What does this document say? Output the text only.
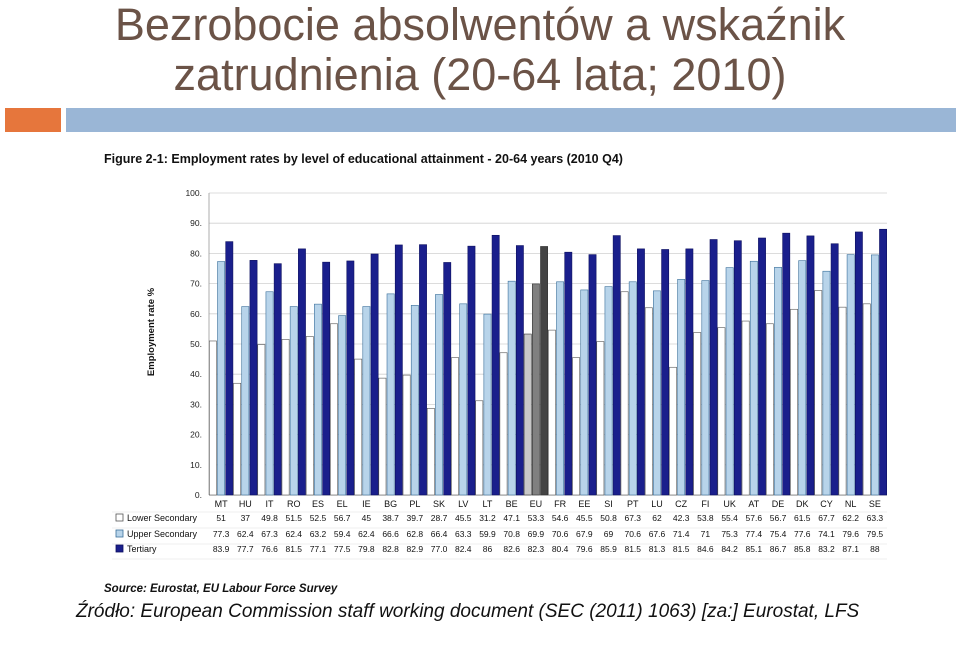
Bezrobocie absolwentów a wskaźnik
zatrudnienia (20-64 lata; 2010)
Figure 2-1: Employment rates by level of educational attainment - 20-64 years (2010 Q4)
0.
10.
20.
30.
40.
50.
60.
70.
80.
90.
100.
MT HU IT RO ES EL IE BG PL SK LV LT BE EU FR EE SI PT LU CZ FI UK AT DE DK CY NL SE
Employment rate %
Lower Secondary 51 37 49.8 51.5 52.5 56.7 45 38.7 39.7 28.7 45.5 31.2 47.1 53.3 54.6 45.5 50.8 67.3 62 42.3 53.8 55.4 57.6 56.7 61.5 67.7 62.2 63.3
Upper Secondary 77.3 62.4 67.3 62.4 63.2 59.4 62.4 66.6 62.8 66.4 63.3 59.9 70.8 69.9 70.6 67.9 69 70.6 67.6 71.4 71 75.3 77.4 75.4 77.6 74.1 79.6 79.5
Tertiary	83.9 77.7 76.6 81.5 77.1 77.5 79.8 82.8 82.9 77.0 82.4 86 82.6 82.3 80.4 79.6 85.9 81.5 81.3 81.5 84.6 84.2 85.1 86.7 85.8 83.2 87.1 88
Source: Eurostat, EU Labour Force Survey

Źródło: European Commission staff working document (SEC (2011) 1063) [za:] Eurostat, LFS
